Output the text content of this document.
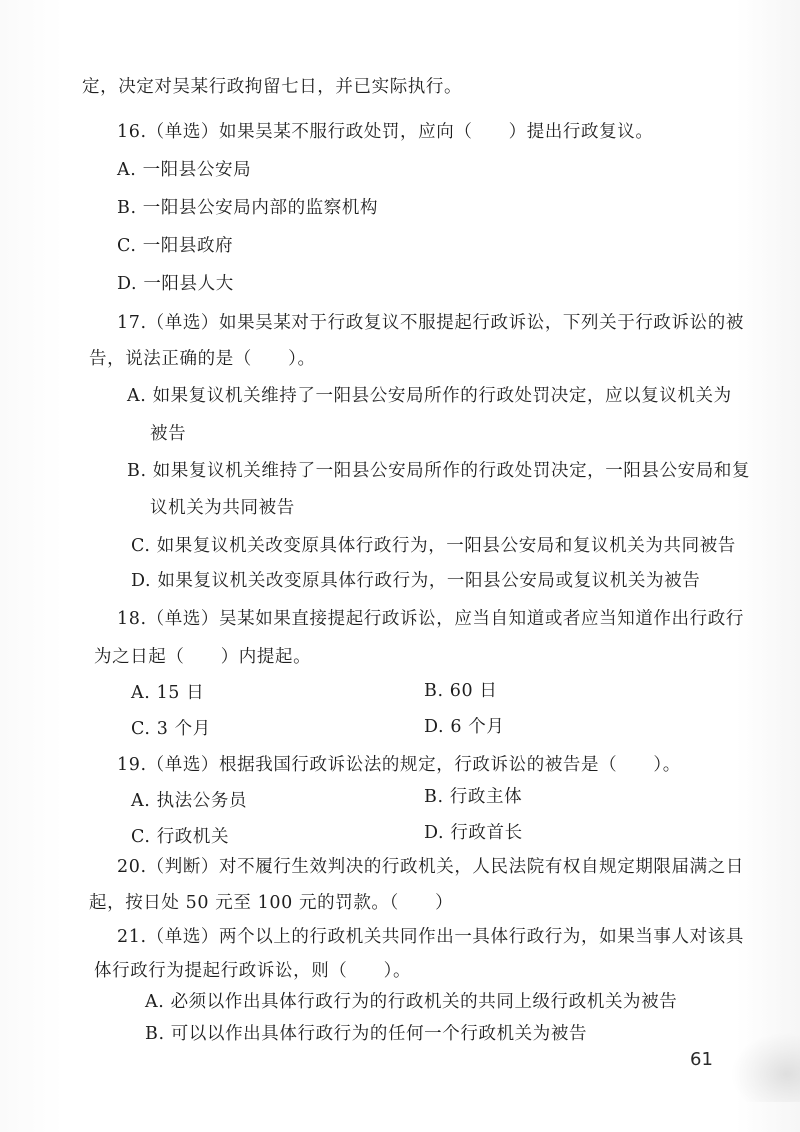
定，决定对吴某行政拘留七日，并已实际执行。
16.（单选）如果吴某不服行政处罚，应向（　　）提出行政复议。
A. 一阳县公安局
B. 一阳县公安局内部的监察机构
C. 一阳县政府
D. 一阳县人大
17.（单选）如果吴某对于行政复议不服提起行政诉讼，下列关于行政诉讼的被
告，说法正确的是（　　）。
A. 如果复议机关维持了一阳县公安局所作的行政处罚决定，应以复议机关为
被告
B. 如果复议机关维持了一阳县公安局所作的行政处罚决定，一阳县公安局和复
议机关为共同被告
C. 如果复议机关改变原具体行政行为，一阳县公安局和复议机关为共同被告
D. 如果复议机关改变原具体行政行为，一阳县公安局或复议机关为被告
18.（单选）吴某如果直接提起行政诉讼，应当自知道或者应当知道作出行政行
为之日起（　　）内提起。
A. 15 日	B. 60 日
C. 3 个月	D. 6 个月
19.（单选）根据我国行政诉讼法的规定，行政诉讼的被告是（　　）。
A. 执法公务员	B. 行政主体
C. 行政机关	D. 行政首长
20.（判断）对不履行生效判决的行政机关，人民法院有权自规定期限届满之日
起，按日处 50 元至 100 元的罚款。（　　）
21.（单选）两个以上的行政机关共同作出一具体行政行为，如果当事人对该具
体行政行为提起行政诉讼，则（　　）。
A. 必须以作出具体行政行为的行政机关的共同上级行政机关为被告
B. 可以以作出具体行政行为的任何一个行政机关为被告
61
